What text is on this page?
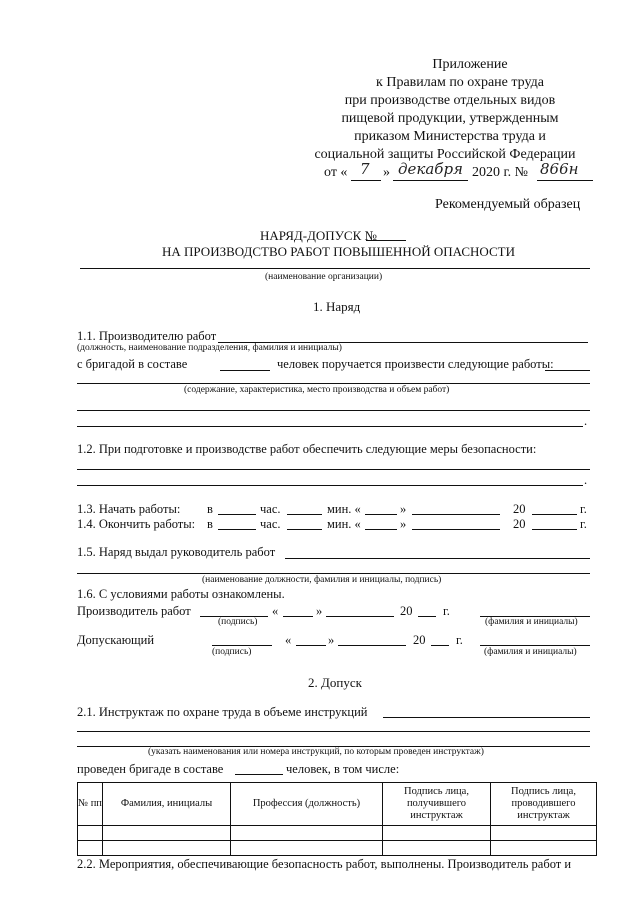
Приложение
к Правилам по охране труда
при производстве отдельных видов
пищевой продукции, утвержденным
приказом Министерства труда и
социальной защиты Российской Федерации
от « 7 » декабря 2020 г. № 866н
Рекомендуемый образец
НАРЯД-ДОПУСК №
НА ПРОИЗВОДСТВО РАБОТ ПОВЫШЕННОЙ ОПАСНОСТИ
(наименование организации)
1. Наряд
1.1. Производителю работ
(должность, наименование подразделения, фамилия и инициалы)
с бригадой в составе	человек поручается произвести следующие работы:
(содержание, характеристика, место производства и объем работ)
.
1.2. При подготовке и производстве работ обеспечить следующие меры безопасности:
.
1.3. Начать работы: в	час.	мин. «	»	20	г.
1.4. Окончить работы: в	час.	мин. «	»	20	г.
1.5. Наряд выдал руководитель работ
(наименование должности, фамилия и инициалы, подпись)
1.6. С условиями работы ознакомлены.
Производитель работ	«	»	20 г.
(подпись)	(фамилия и инициалы)
Допускающий	«	»	20 г.
(подпись)	(фамилия и инициалы)
2. Допуск
2.1. Инструктаж по охране труда в объеме инструкций
(указать наименования или номера инструкций, по которым проведен инструктаж)
проведен бригаде в составе	человек, в том числе:
№ пп	Фамилия, инициалы	Профессия (должность)	Подпись лица, получившего инструктаж	Подпись лица, проводившего инструктаж

2.2. Мероприятия, обеспечивающие безопасность работ, выполнены. Производитель работ и
